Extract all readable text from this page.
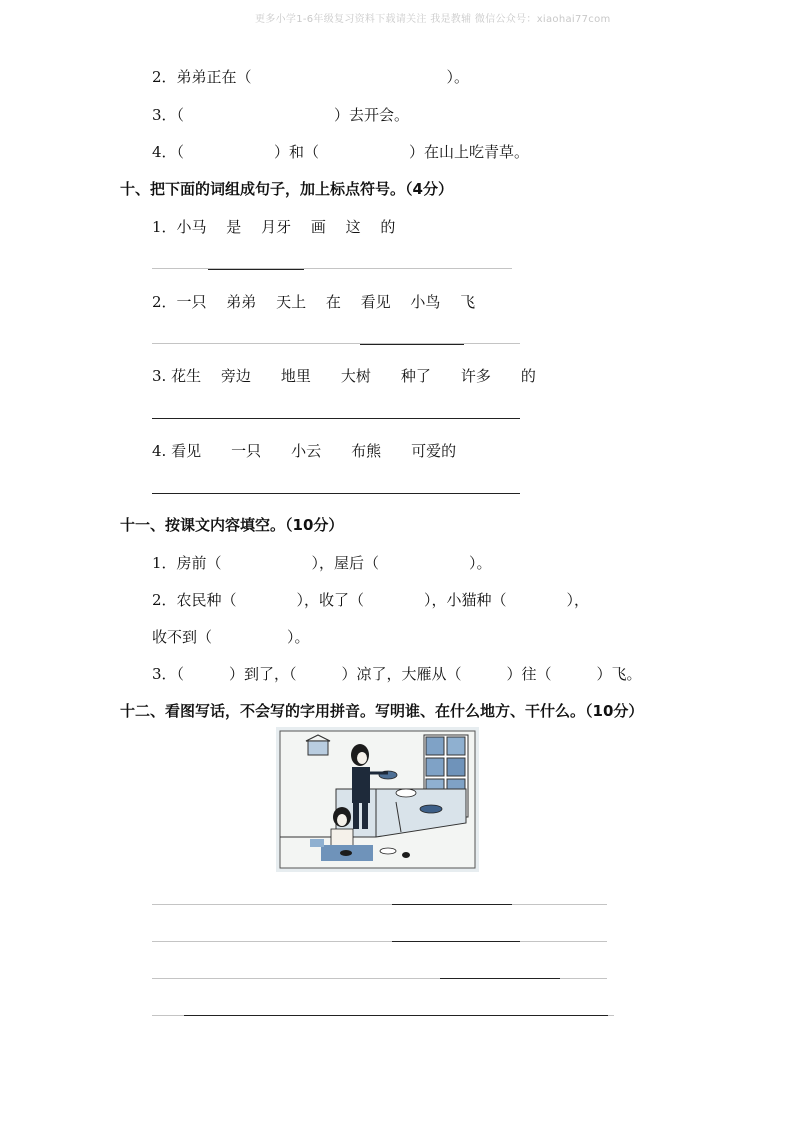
更多小学1-6年级复习资料下载请关注 我是教辅 微信公众号：xiaohai77com
2．弟弟正在（　　　　　　　　　　　　　）。
3．（　　　　　　　　　　）去开会。
4．（　　　　　　）和（　　　　　　）在山上吃青草。
十、把下面的词组成句子，加上标点符号。（4分）
1．小马　 是　 月牙　 画　 这　 的
2．一只　 弟弟　 天上　 在　 看见　 小鸟　 飞
3. 花生　 旁边　　地里　　大树　　种了　　许多　　的
4. 看见　　一只　　小云　　布熊　　可爱的
十一、按课文内容填空。（10分）
1．房前（　　　　　　），屋后（　　　　　　）。
2．农民种（　　　　），收了（　　　　），小猫种（　　　　），
收不到（　　　　　）。
3．（　　　）到了，（　　　）凉了，大雁从（　　　）往（　　　）飞。
十二、看图写话，不会写的字用拼音。写明谁、在什么地方、干什么。（10分）
